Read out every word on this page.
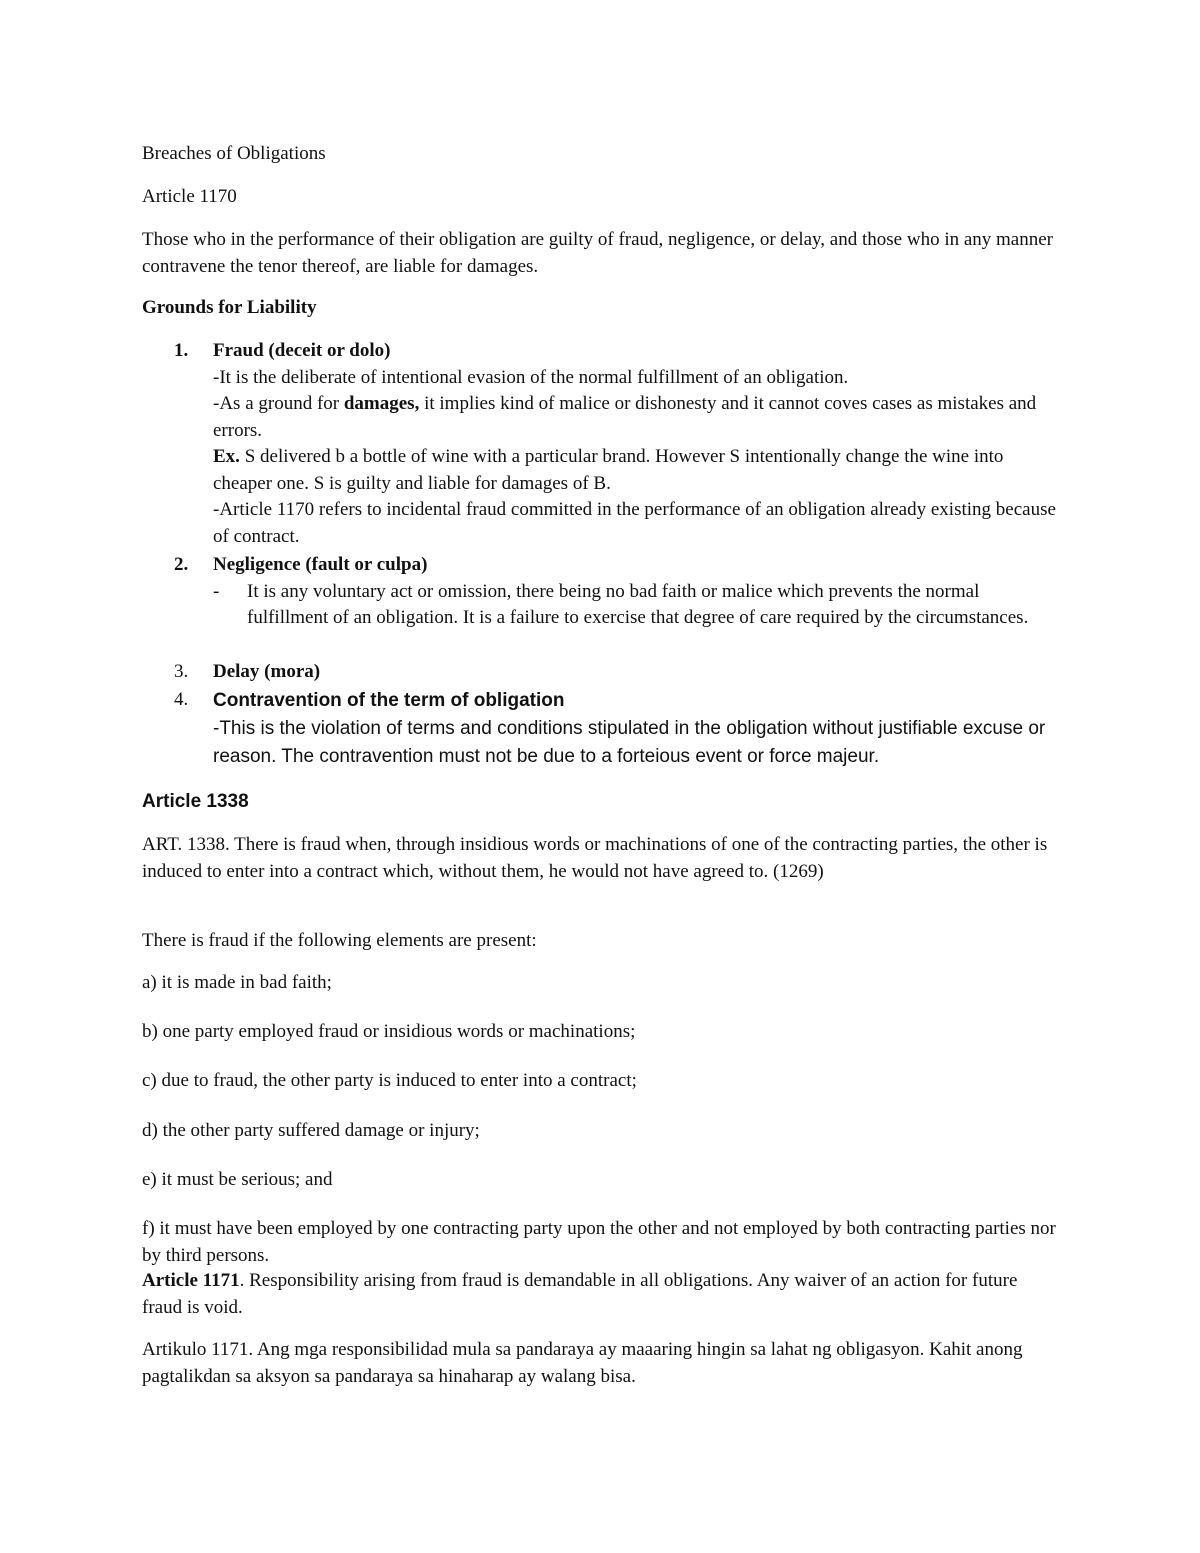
Breaches of Obligations

Article 1170

Those who in the performance of their obligation are guilty of fraud, negligence, or delay, and those who in any manner contravene the tenor thereof, are liable for damages.

Grounds for Liability

1.	Fraud (deceit or dolo)
-It is the deliberate of intentional evasion of the normal fulfillment of an obligation.
-As a ground for damages, it implies kind of malice or dishonesty and it cannot coves cases as mistakes and errors.
Ex. S delivered b a bottle of wine with a particular brand. However S intentionally change the wine into cheaper one. S is guilty and liable for damages of B.
-Article 1170 refers to incidental fraud committed in the performance of an obligation already existing because of contract.
2.	Negligence (fault or culpa)
- It is any voluntary act or omission, there being no bad faith or malice which prevents the normal fulfillment of an obligation. It is a failure to exercise that degree of care required by the circumstances.
3.	Delay (mora)
4.	Contravention of the term of obligation
-This is the violation of terms and conditions stipulated in the obligation without justifiable excuse or reason. The contravention must not be due to a forteious event or force majeur.

Article 1338

ART. 1338. There is fraud when, through insidious words or machinations of one of the contracting parties, the other is induced to enter into a contract which, without them, he would not have agreed to. (1269)

There is fraud if the following elements are present:

a) it is made in bad faith;

b) one party employed fraud or insidious words or machinations;

c) due to fraud, the other party is induced to enter into a contract;

d) the other party suffered damage or injury;

e) it must be serious; and

f) it must have been employed by one contracting party upon the other and not employed by both contracting parties nor by third persons.

Article 1171. Responsibility arising from fraud is demandable in all obligations. Any waiver of an action for future fraud is void.

Artikulo 1171. Ang mga responsibilidad mula sa pandaraya ay maaaring hingin sa lahat ng obligasyon. Kahit anong pagtalikdan sa aksyon sa pandaraya sa hinaharap ay walang bisa.
